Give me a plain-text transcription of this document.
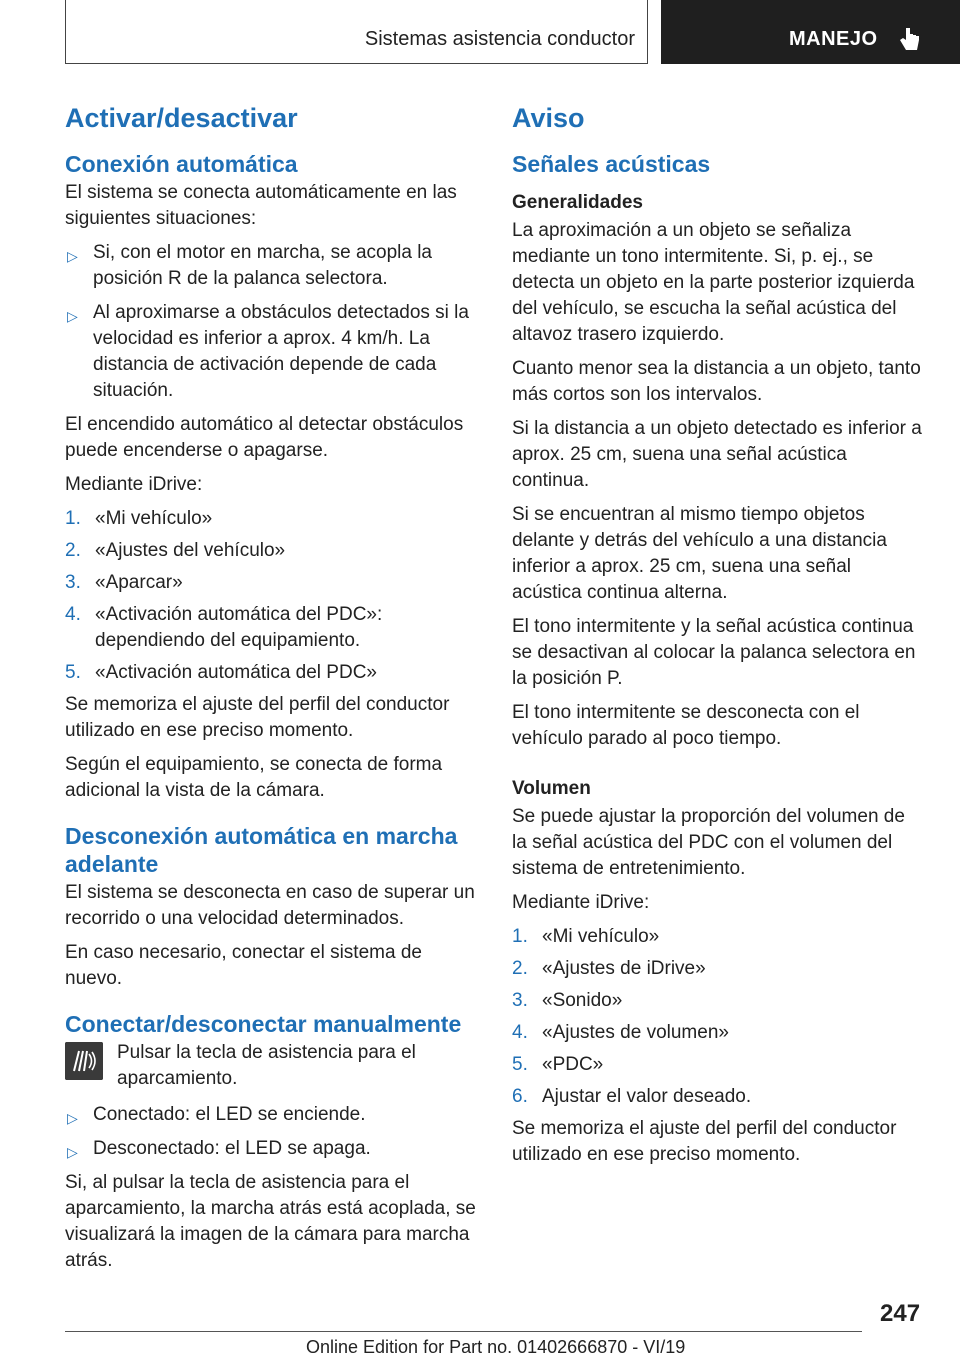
Sistemas asistencia conductor	MANEJO
Activar/desactivar
Conexión automática

El sistema se conecta automáticamente en las siguientes situaciones:

▷ Si, con el motor en marcha, se acopla la posición R de la palanca selectora.
▷ Al aproximarse a obstáculos detectados si la velocidad es inferior a aprox. 4 km/h. La distancia de activación depende de cada situación.

El encendido automático al detectar obstáculos puede encenderse o apagarse.

Mediante iDrive:

1. «Mi vehículo»
2. «Ajustes del vehículo»
3. «Aparcar»
4. «Activación automática del PDC»: dependiendo del equipamiento.
5. «Activación automática del PDC»

Se memoriza el ajuste del perfil del conductor utilizado en ese preciso momento.

Según el equipamiento, se conecta de forma adicional la vista de la cámara.

Desconexión automática en marcha adelante

El sistema se desconecta en caso de superar un recorrido o una velocidad determinados.

En caso necesario, conectar el sistema de nuevo.

Conectar/desconectar manualmente
Pulsar la tecla de asistencia para el aparcamiento.
▷ Conectado: el LED se enciende.
▷ Desconectado: el LED se apaga.

Si, al pulsar la tecla de asistencia para el aparcamiento, la marcha atrás está acoplada, se visualizará la imagen de la cámara para marcha atrás.

Aviso
Señales acústicas
Generalidades

La aproximación a un objeto se señaliza mediante un tono intermitente. Si, p. ej., se detecta un objeto en la parte posterior izquierda del vehículo, se escucha la señal acústica del altavoz trasero izquierdo.

Cuanto menor sea la distancia a un objeto, tanto más cortos son los intervalos.

Si la distancia a un objeto detectado es inferior a aprox. 25 cm, suena una señal acústica continua.

Si se encuentran al mismo tiempo objetos delante y detrás del vehículo a una distancia inferior a aprox. 25 cm, suena una señal acústica continua alterna.

El tono intermitente y la señal acústica continua se desactivan al colocar la palanca selectora en la posición P.

El tono intermitente se desconecta con el vehículo parado al poco tiempo.

Volumen

Se puede ajustar la proporción del volumen de la señal acústica del PDC con el volumen del sistema de entretenimiento.

Mediante iDrive:

1. «Mi vehículo»
2. «Ajustes de iDrive»
3. «Sonido»
4. «Ajustes de volumen»
5. «PDC»
6. Ajustar el valor deseado.

Se memoriza el ajuste del perfil del conductor utilizado en ese preciso momento.

247
Online Edition for Part no. 01402666870 - VI/19
